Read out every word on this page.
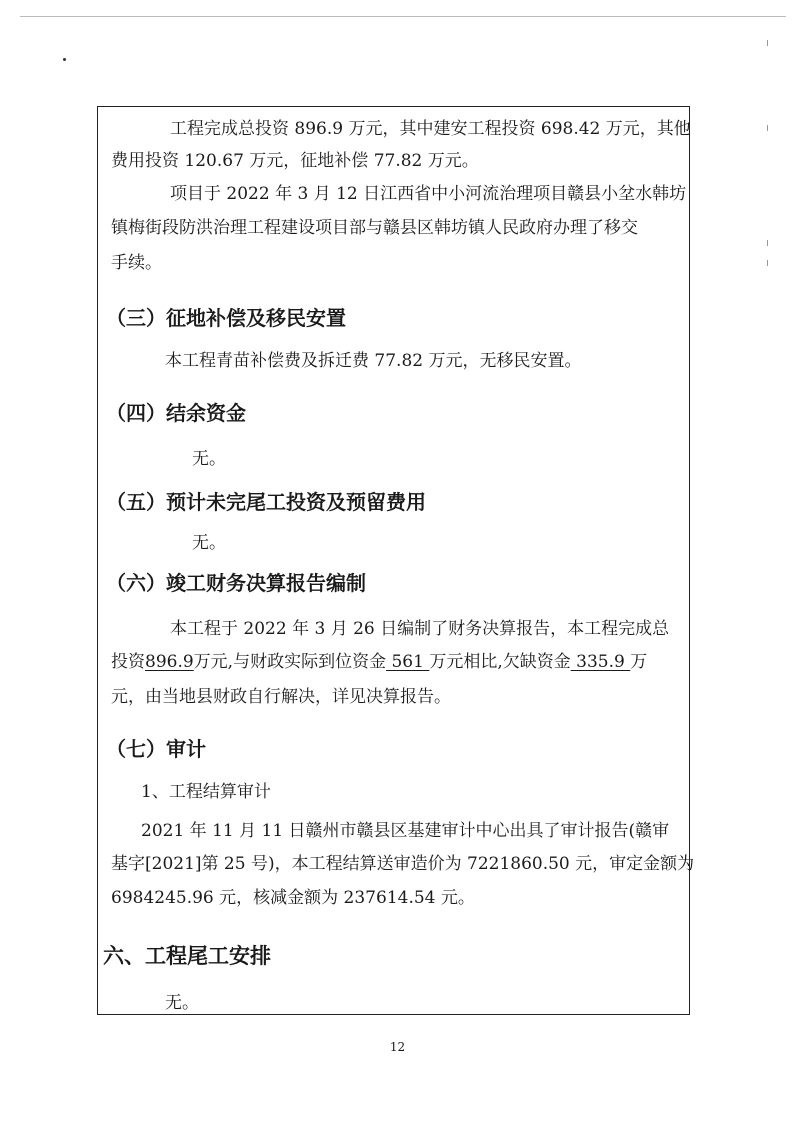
工程完成总投资 896.9 万元，其中建安工程投资 698.42 万元，其他
费用投资 120.67 万元，征地补偿 77.82 万元。
项目于 2022 年 3 月 12 日江西省中小河流治理项目赣县小坌水韩坊
镇梅街段防洪治理工程建设项目部与赣县区韩坊镇人民政府办理了移交
手续。
（三）征地补偿及移民安置
本工程青苗补偿费及拆迁费 77.82 万元，无移民安置。
（四）结余资金
无。
（五）预计未完尾工投资及预留费用
无。
（六）竣工财务决算报告编制
本工程于 2022 年 3 月 26 日编制了财务决算报告，本工程完成总
投资896.9万元,与财政实际到位资金 561 万元相比,欠缺资金 335.9 万
元，由当地县财政自行解决，详见决算报告。
（七）审计
1、工程结算审计
2021 年 11 月 11 日赣州市赣县区基建审计中心出具了审计报告(赣审
基字[2021]第 25 号)，本工程结算送审造价为 7221860.50 元，审定金额为
6984245.96 元，核减金额为 237614.54 元。
六、工程尾工安排
无。
12
